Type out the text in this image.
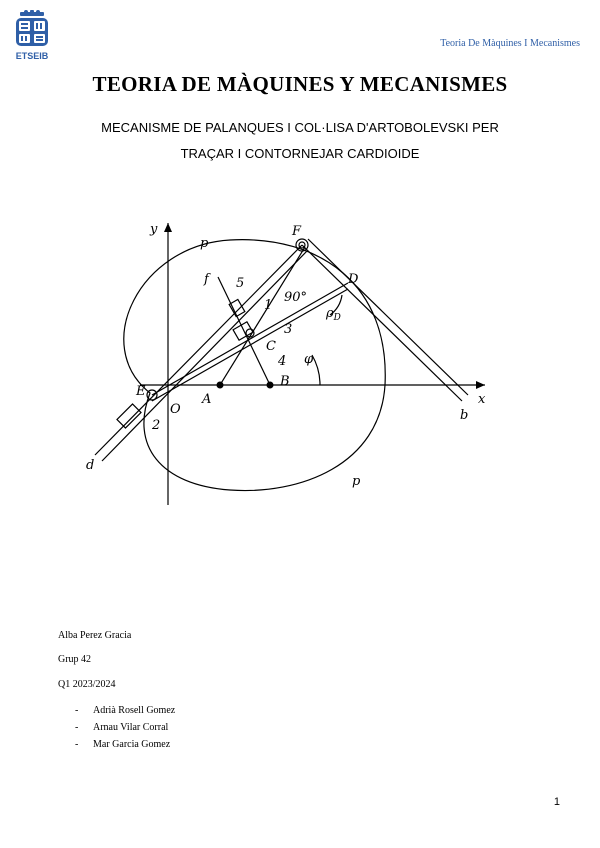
ETSEIB
Teoria De Màquines I Mecanismes
TEORIA DE MÀQUINES Y MECANISMES
MECANISME DE PALANQUES I COL·LISA D'ARTOBOLEVSKI PER
TRAÇAR I CONTORNEJAR CARDIOIDE
y
x
F
D
C
A
B
E
O
f
d
b
p
p
1
2
3
4
5
90°
φ
$\rho_D$
Alba Perez Gracia
Grup 42
Q1 2023/2024
- Adrià Rosell Gomez
- Arnau Vilar Corral
- Mar Garcia Gomez
1
